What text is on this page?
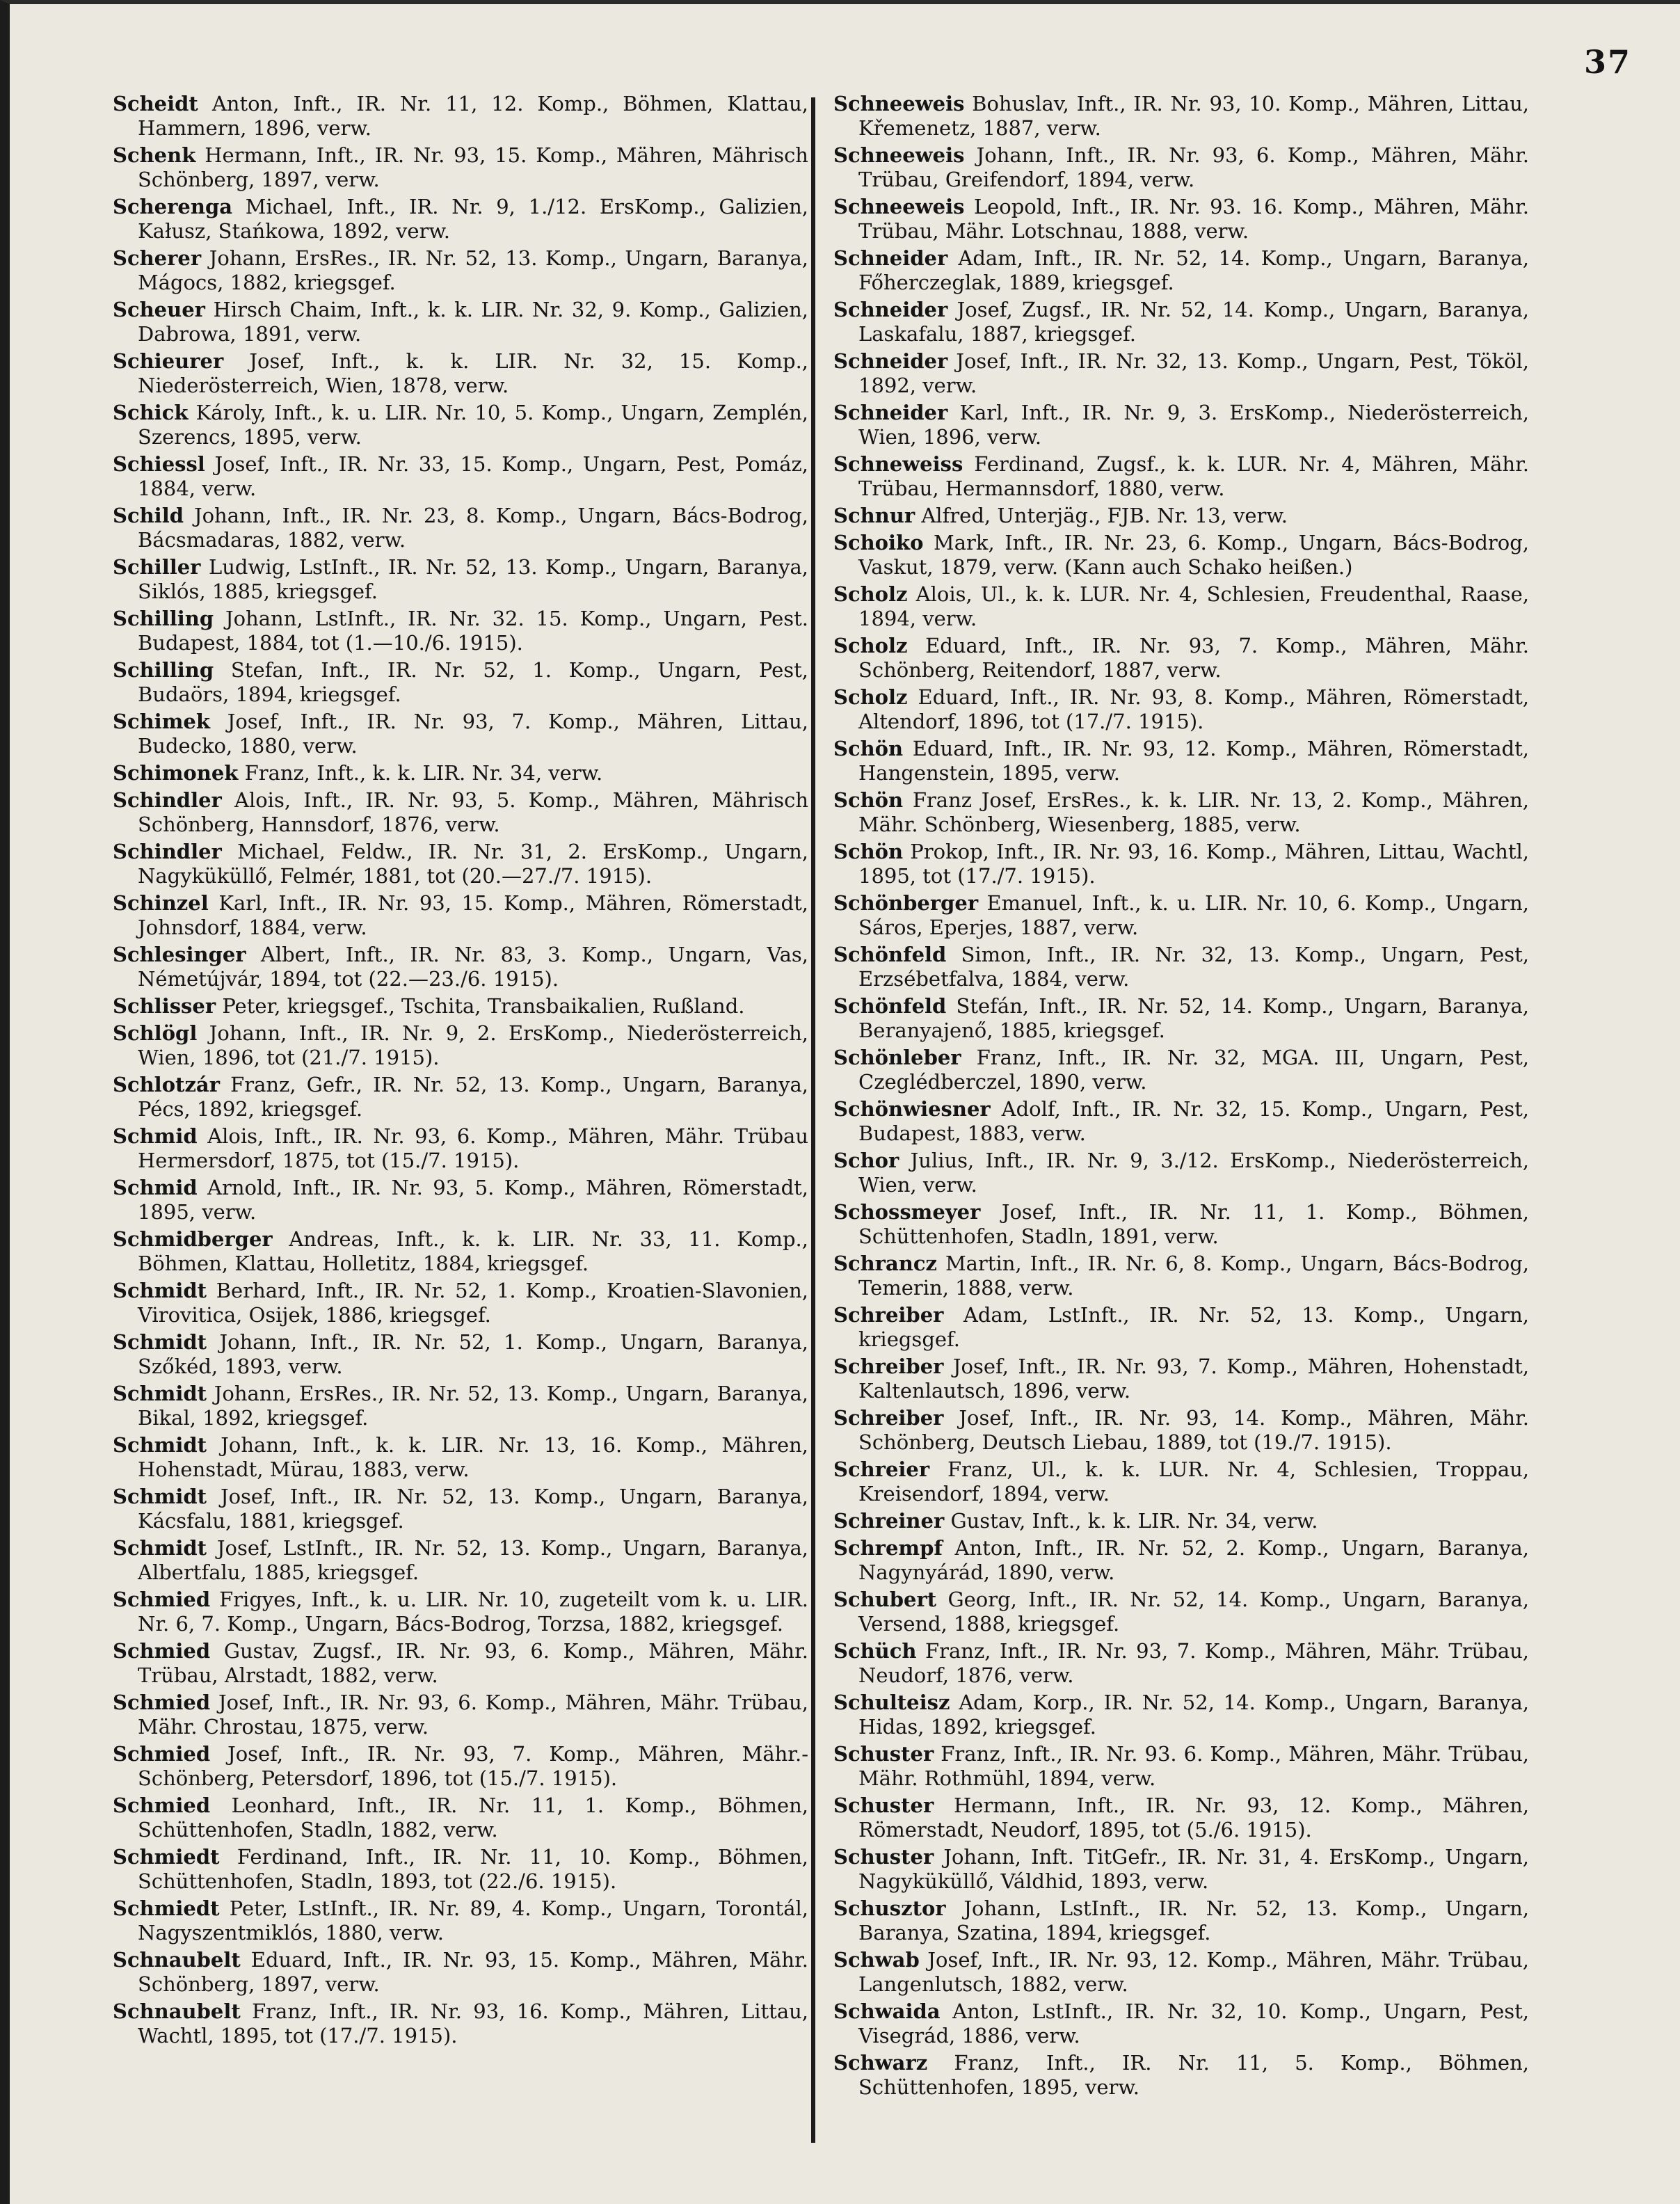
37

Scheidt Anton, Inft., IR. Nr. 11, 12. Komp., Böhmen, Klattau, Hammern, 1896, verw.

Schenk Hermann, Inft., IR. Nr. 93, 15. Komp., Mähren, Mährisch Schönberg, 1897, verw.

Scherenga Michael, Inft., IR. Nr. 9, 1./12. ErsKomp., Galizien, Kałusz, Stańkowa, 1892, verw.

Scherer Johann, ErsRes., IR. Nr. 52, 13. Komp., Ungarn, Baranya, Mágocs, 1882, kriegsgef.

Scheuer Hirsch Chaim, Inft., k. k. LIR. Nr. 32, 9. Komp., Galizien, Dabrowa, 1891, verw.

Schieurer Josef, Inft., k. k. LIR. Nr. 32, 15. Komp., Niederösterreich, Wien, 1878, verw.

Schick Károly, Inft., k. u. LIR. Nr. 10, 5. Komp., Ungarn, Zemplén, Szerencs, 1895, verw.

Schiessl Josef, Inft., IR. Nr. 33, 15. Komp., Ungarn, Pest, Pomáz, 1884, verw.

Schild Johann, Inft., IR. Nr. 23, 8. Komp., Ungarn, Bács-Bodrog, Bácsmadaras, 1882, verw.

Schiller Ludwig, LstInft., IR. Nr. 52, 13. Komp., Ungarn, Baranya, Siklós, 1885, kriegsgef.

Schilling Johann, LstInft., IR. Nr. 32. 15. Komp., Ungarn, Pest. Budapest, 1884, tot (1.—10./6. 1915).

Schilling Stefan, Inft., IR. Nr. 52, 1. Komp., Ungarn, Pest, Budaörs, 1894, kriegsgef.

Schimek Josef, Inft., IR. Nr. 93, 7. Komp., Mähren, Littau, Budecko, 1880, verw.

Schimonek Franz, Inft., k. k. LIR. Nr. 34, verw.

Schindler Alois, Inft., IR. Nr. 93, 5. Komp., Mähren, Mährisch Schönberg, Hannsdorf, 1876, verw.

Schindler Michael, Feldw., IR. Nr. 31, 2. ErsKomp., Ungarn, Nagyküküllő, Felmér, 1881, tot (20.—27./7. 1915).

Schinzel Karl, Inft., IR. Nr. 93, 15. Komp., Mähren, Römerstadt, Johnsdorf, 1884, verw.

Schlesinger Albert, Inft., IR. Nr. 83, 3. Komp., Ungarn, Vas, Németújvár, 1894, tot (22.—23./6. 1915).

Schlisser Peter, kriegsgef., Tschita, Transbaikalien, Rußland.

Schlögl Johann, Inft., IR. Nr. 9, 2. ErsKomp., Niederösterreich, Wien, 1896, tot (21./7. 1915).

Schlotzár Franz, Gefr., IR. Nr. 52, 13. Komp., Ungarn, Baranya, Pécs, 1892, kriegsgef.

Schmid Alois, Inft., IR. Nr. 93, 6. Komp., Mähren, Mähr. Trübau Hermersdorf, 1875, tot (15./7. 1915).

Schmid Arnold, Inft., IR. Nr. 93, 5. Komp., Mähren, Römerstadt, 1895, verw.

Schmidberger Andreas, Inft., k. k. LIR. Nr. 33, 11. Komp., Böhmen, Klattau, Holletitz, 1884, kriegsgef.

Schmidt Berhard, Inft., IR. Nr. 52, 1. Komp., Kroatien-Slavonien, Virovitica, Osijek, 1886, kriegsgef.

Schmidt Johann, Inft., IR. Nr. 52, 1. Komp., Ungarn, Baranya, Szőkéd, 1893, verw.

Schmidt Johann, ErsRes., IR. Nr. 52, 13. Komp., Ungarn, Baranya, Bikal, 1892, kriegsgef.

Schmidt Johann, Inft., k. k. LIR. Nr. 13, 16. Komp., Mähren, Hohenstadt, Mürau, 1883, verw.

Schmidt Josef, Inft., IR. Nr. 52, 13. Komp., Ungarn, Baranya, Kácsfalu, 1881, kriegsgef.

Schmidt Josef, LstInft., IR. Nr. 52, 13. Komp., Ungarn, Baranya, Albertfalu, 1885, kriegsgef.

Schmied Frigyes, Inft., k. u. LIR. Nr. 10, zugeteilt vom k. u. LIR. Nr. 6, 7. Komp., Ungarn, Bács-Bodrog, Torzsa, 1882, kriegsgef.

Schmied Gustav, Zugsf., IR. Nr. 93, 6. Komp., Mähren, Mähr. Trübau, Alrstadt, 1882, verw.

Schmied Josef, Inft., IR. Nr. 93, 6. Komp., Mähren, Mähr. Trübau, Mähr. Chrostau, 1875, verw.

Schmied Josef, Inft., IR. Nr. 93, 7. Komp., Mähren, Mähr.-Schönberg, Petersdorf, 1896, tot (15./7. 1915).

Schmied Leonhard, Inft., IR. Nr. 11, 1. Komp., Böhmen, Schüttenhofen, Stadln, 1882, verw.

Schmiedt Ferdinand, Inft., IR. Nr. 11, 10. Komp., Böhmen, Schüttenhofen, Stadln, 1893, tot (22./6. 1915).

Schmiedt Peter, LstInft., IR. Nr. 89, 4. Komp., Ungarn, Torontál, Nagyszentmiklós, 1880, verw.

Schnaubelt Eduard, Inft., IR. Nr. 93, 15. Komp., Mähren, Mähr. Schönberg, 1897, verw.

Schnaubelt Franz, Inft., IR. Nr. 93, 16. Komp., Mähren, Littau, Wachtl, 1895, tot (17./7. 1915).

Schneeweis Bohuslav, Inft., IR. Nr. 93, 10. Komp., Mähren, Littau, Křemenetz, 1887, verw.

Schneeweis Johann, Inft., IR. Nr. 93, 6. Komp., Mähren, Mähr. Trübau, Greifendorf, 1894, verw.

Schneeweis Leopold, Inft., IR. Nr. 93. 16. Komp., Mähren, Mähr. Trübau, Mähr. Lotschnau, 1888, verw.

Schneider Adam, Inft., IR. Nr. 52, 14. Komp., Ungarn, Baranya, Főherczeglak, 1889, kriegsgef.

Schneider Josef, Zugsf., IR. Nr. 52, 14. Komp., Ungarn, Baranya, Laskafalu, 1887, kriegsgef.

Schneider Josef, Inft., IR. Nr. 32, 13. Komp., Ungarn, Pest, Tököl, 1892, verw.

Schneider Karl, Inft., IR. Nr. 9, 3. ErsKomp., Niederösterreich, Wien, 1896, verw.

Schneweiss Ferdinand, Zugsf., k. k. LUR. Nr. 4, Mähren, Mähr. Trübau, Hermannsdorf, 1880, verw.

Schnur Alfred, Unterjäg., FJB. Nr. 13, verw.

Schoiko Mark, Inft., IR. Nr. 23, 6. Komp., Ungarn, Bács-Bodrog, Vaskut, 1879, verw. (Kann auch Schako heißen.)

Scholz Alois, Ul., k. k. LUR. Nr. 4, Schlesien, Freudenthal, Raase, 1894, verw.

Scholz Eduard, Inft., IR. Nr. 93, 7. Komp., Mähren, Mähr. Schönberg, Reitendorf, 1887, verw.

Scholz Eduard, Inft., IR. Nr. 93, 8. Komp., Mähren, Römerstadt, Altendorf, 1896, tot (17./7. 1915).

Schön Eduard, Inft., IR. Nr. 93, 12. Komp., Mähren, Römerstadt, Hangenstein, 1895, verw.

Schön Franz Josef, ErsRes., k. k. LIR. Nr. 13, 2. Komp., Mähren, Mähr. Schönberg, Wiesenberg, 1885, verw.

Schön Prokop, Inft., IR. Nr. 93, 16. Komp., Mähren, Littau, Wachtl, 1895, tot (17./7. 1915).

Schönberger Emanuel, Inft., k. u. LIR. Nr. 10, 6. Komp., Ungarn, Sáros, Eperjes, 1887, verw.

Schönfeld Simon, Inft., IR. Nr. 32, 13. Komp., Ungarn, Pest, Erzsébetfalva, 1884, verw.

Schönfeld Stefán, Inft., IR. Nr. 52, 14. Komp., Ungarn, Baranya, Beranyajenő, 1885, kriegsgef.

Schönleber Franz, Inft., IR. Nr. 32, MGA. III, Ungarn, Pest, Czeglédberczel, 1890, verw.

Schönwiesner Adolf, Inft., IR. Nr. 32, 15. Komp., Ungarn, Pest, Budapest, 1883, verw.

Schor Julius, Inft., IR. Nr. 9, 3./12. ErsKomp., Niederösterreich, Wien, verw.

Schossmeyer Josef, Inft., IR. Nr. 11, 1. Komp., Böhmen, Schüttenhofen, Stadln, 1891, verw.

Schrancz Martin, Inft., IR. Nr. 6, 8. Komp., Ungarn, Bács-Bodrog, Temerin, 1888, verw.

Schreiber Adam, LstInft., IR. Nr. 52, 13. Komp., Ungarn, kriegsgef.

Schreiber Josef, Inft., IR. Nr. 93, 7. Komp., Mähren, Hohenstadt, Kaltenlautsch, 1896, verw.

Schreiber Josef, Inft., IR. Nr. 93, 14. Komp., Mähren, Mähr. Schönberg, Deutsch Liebau, 1889, tot (19./7. 1915).

Schreier Franz, Ul., k. k. LUR. Nr. 4, Schlesien, Troppau, Kreisendorf, 1894, verw.

Schreiner Gustav, Inft., k. k. LIR. Nr. 34, verw.

Schrempf Anton, Inft., IR. Nr. 52, 2. Komp., Ungarn, Baranya, Nagynyárád, 1890, verw.

Schubert Georg, Inft., IR. Nr. 52, 14. Komp., Ungarn, Baranya, Versend, 1888, kriegsgef.

Schüch Franz, Inft., IR. Nr. 93, 7. Komp., Mähren, Mähr. Trübau, Neudorf, 1876, verw.

Schulteisz Adam, Korp., IR. Nr. 52, 14. Komp., Ungarn, Baranya, Hidas, 1892, kriegsgef.

Schuster Franz, Inft., IR. Nr. 93. 6. Komp., Mähren, Mähr. Trübau, Mähr. Rothmühl, 1894, verw.

Schuster Hermann, Inft., IR. Nr. 93, 12. Komp., Mähren, Römerstadt, Neudorf, 1895, tot (5./6. 1915).

Schuster Johann, Inft. TitGefr., IR. Nr. 31, 4. ErsKomp., Ungarn, Nagyküküllő, Váldhid, 1893, verw.

Schusztor Johann, LstInft., IR. Nr. 52, 13. Komp., Ungarn, Baranya, Szatina, 1894, kriegsgef.

Schwab Josef, Inft., IR. Nr. 93, 12. Komp., Mähren, Mähr. Trübau, Langenlutsch, 1882, verw.

Schwaida Anton, LstInft., IR. Nr. 32, 10. Komp., Ungarn, Pest, Visegrád, 1886, verw.

Schwarz Franz, Inft., IR. Nr. 11, 5. Komp., Böhmen, Schüttenhofen, 1895, verw.
